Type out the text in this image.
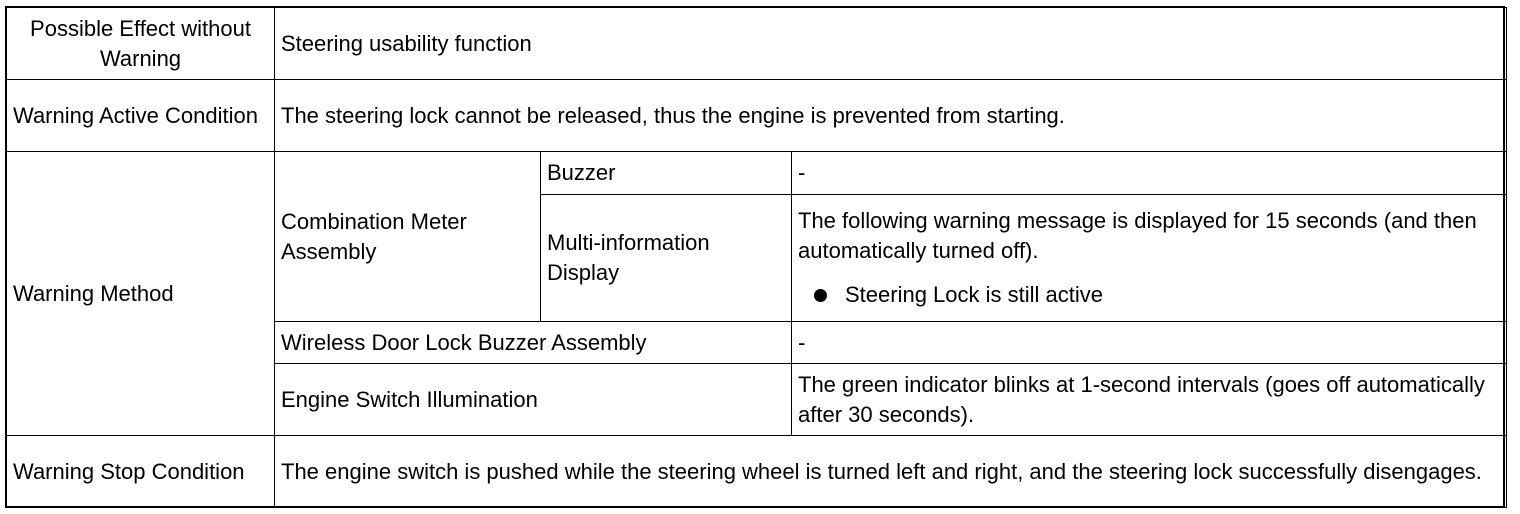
Possible Effect without Warning	Steering usability function		
Warning Active Condition	The steering lock cannot be released, thus the engine is prevented from starting.		
Warning Method	Combination Meter Assembly	Buzzer	-
		Multi-information Display	The following warning message is displayed for 15 seconds (and then automatically turned off).
Steering Lock is still active

	Wireless Door Lock Buzzer Assembly		-
	Engine Switch Illumination		The green indicator blinks at 1-second intervals (goes off automatically after 30 seconds).
Warning Stop Condition	The engine switch is pushed while the steering wheel is turned left and right, and the steering lock successfully disengages.		
